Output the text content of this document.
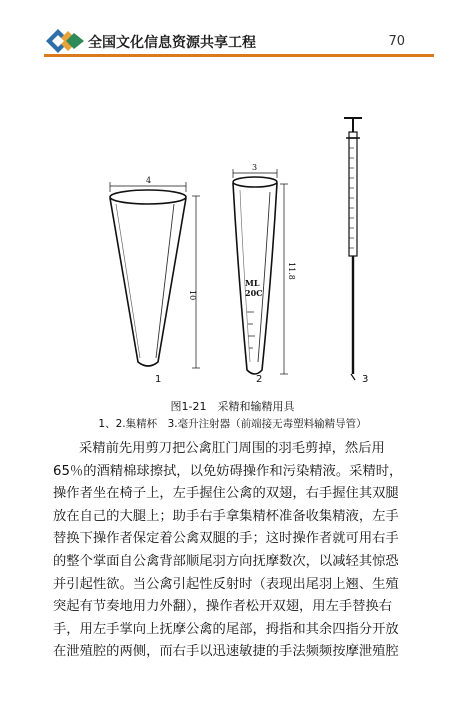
全国文化信息资源共享工程	70
4
10
1
3
11.8
ML
20C
2	3
图1-21　采精和输精用具
1、2.集精杯　3.毫升注射器（前端接无毒塑料输精导管）
采精前先用剪刀把公禽肛门周围的羽毛剪掉，然后用
65％的酒精棉球擦拭，以免妨碍操作和污染精液。采精时，
操作者坐在椅子上，左手握住公禽的双翅，右手握住其双腿
放在自己的大腿上；助手右手拿集精杯准备收集精液，左手
替换下操作者保定着公禽双腿的手；这时操作者就可用右手
的整个掌面自公禽背部顺尾羽方向抚摩数次，以减轻其惊恐
并引起性欲。当公禽引起性反射时（表现出尾羽上翘、生殖
突起有节奏地用力外翻），操作者松开双翅，用左手替换右
手，用左手掌向上抚摩公禽的尾部，拇指和其余四指分开放
在泄殖腔的两侧，而右手以迅速敏捷的手法频频按摩泄殖腔
